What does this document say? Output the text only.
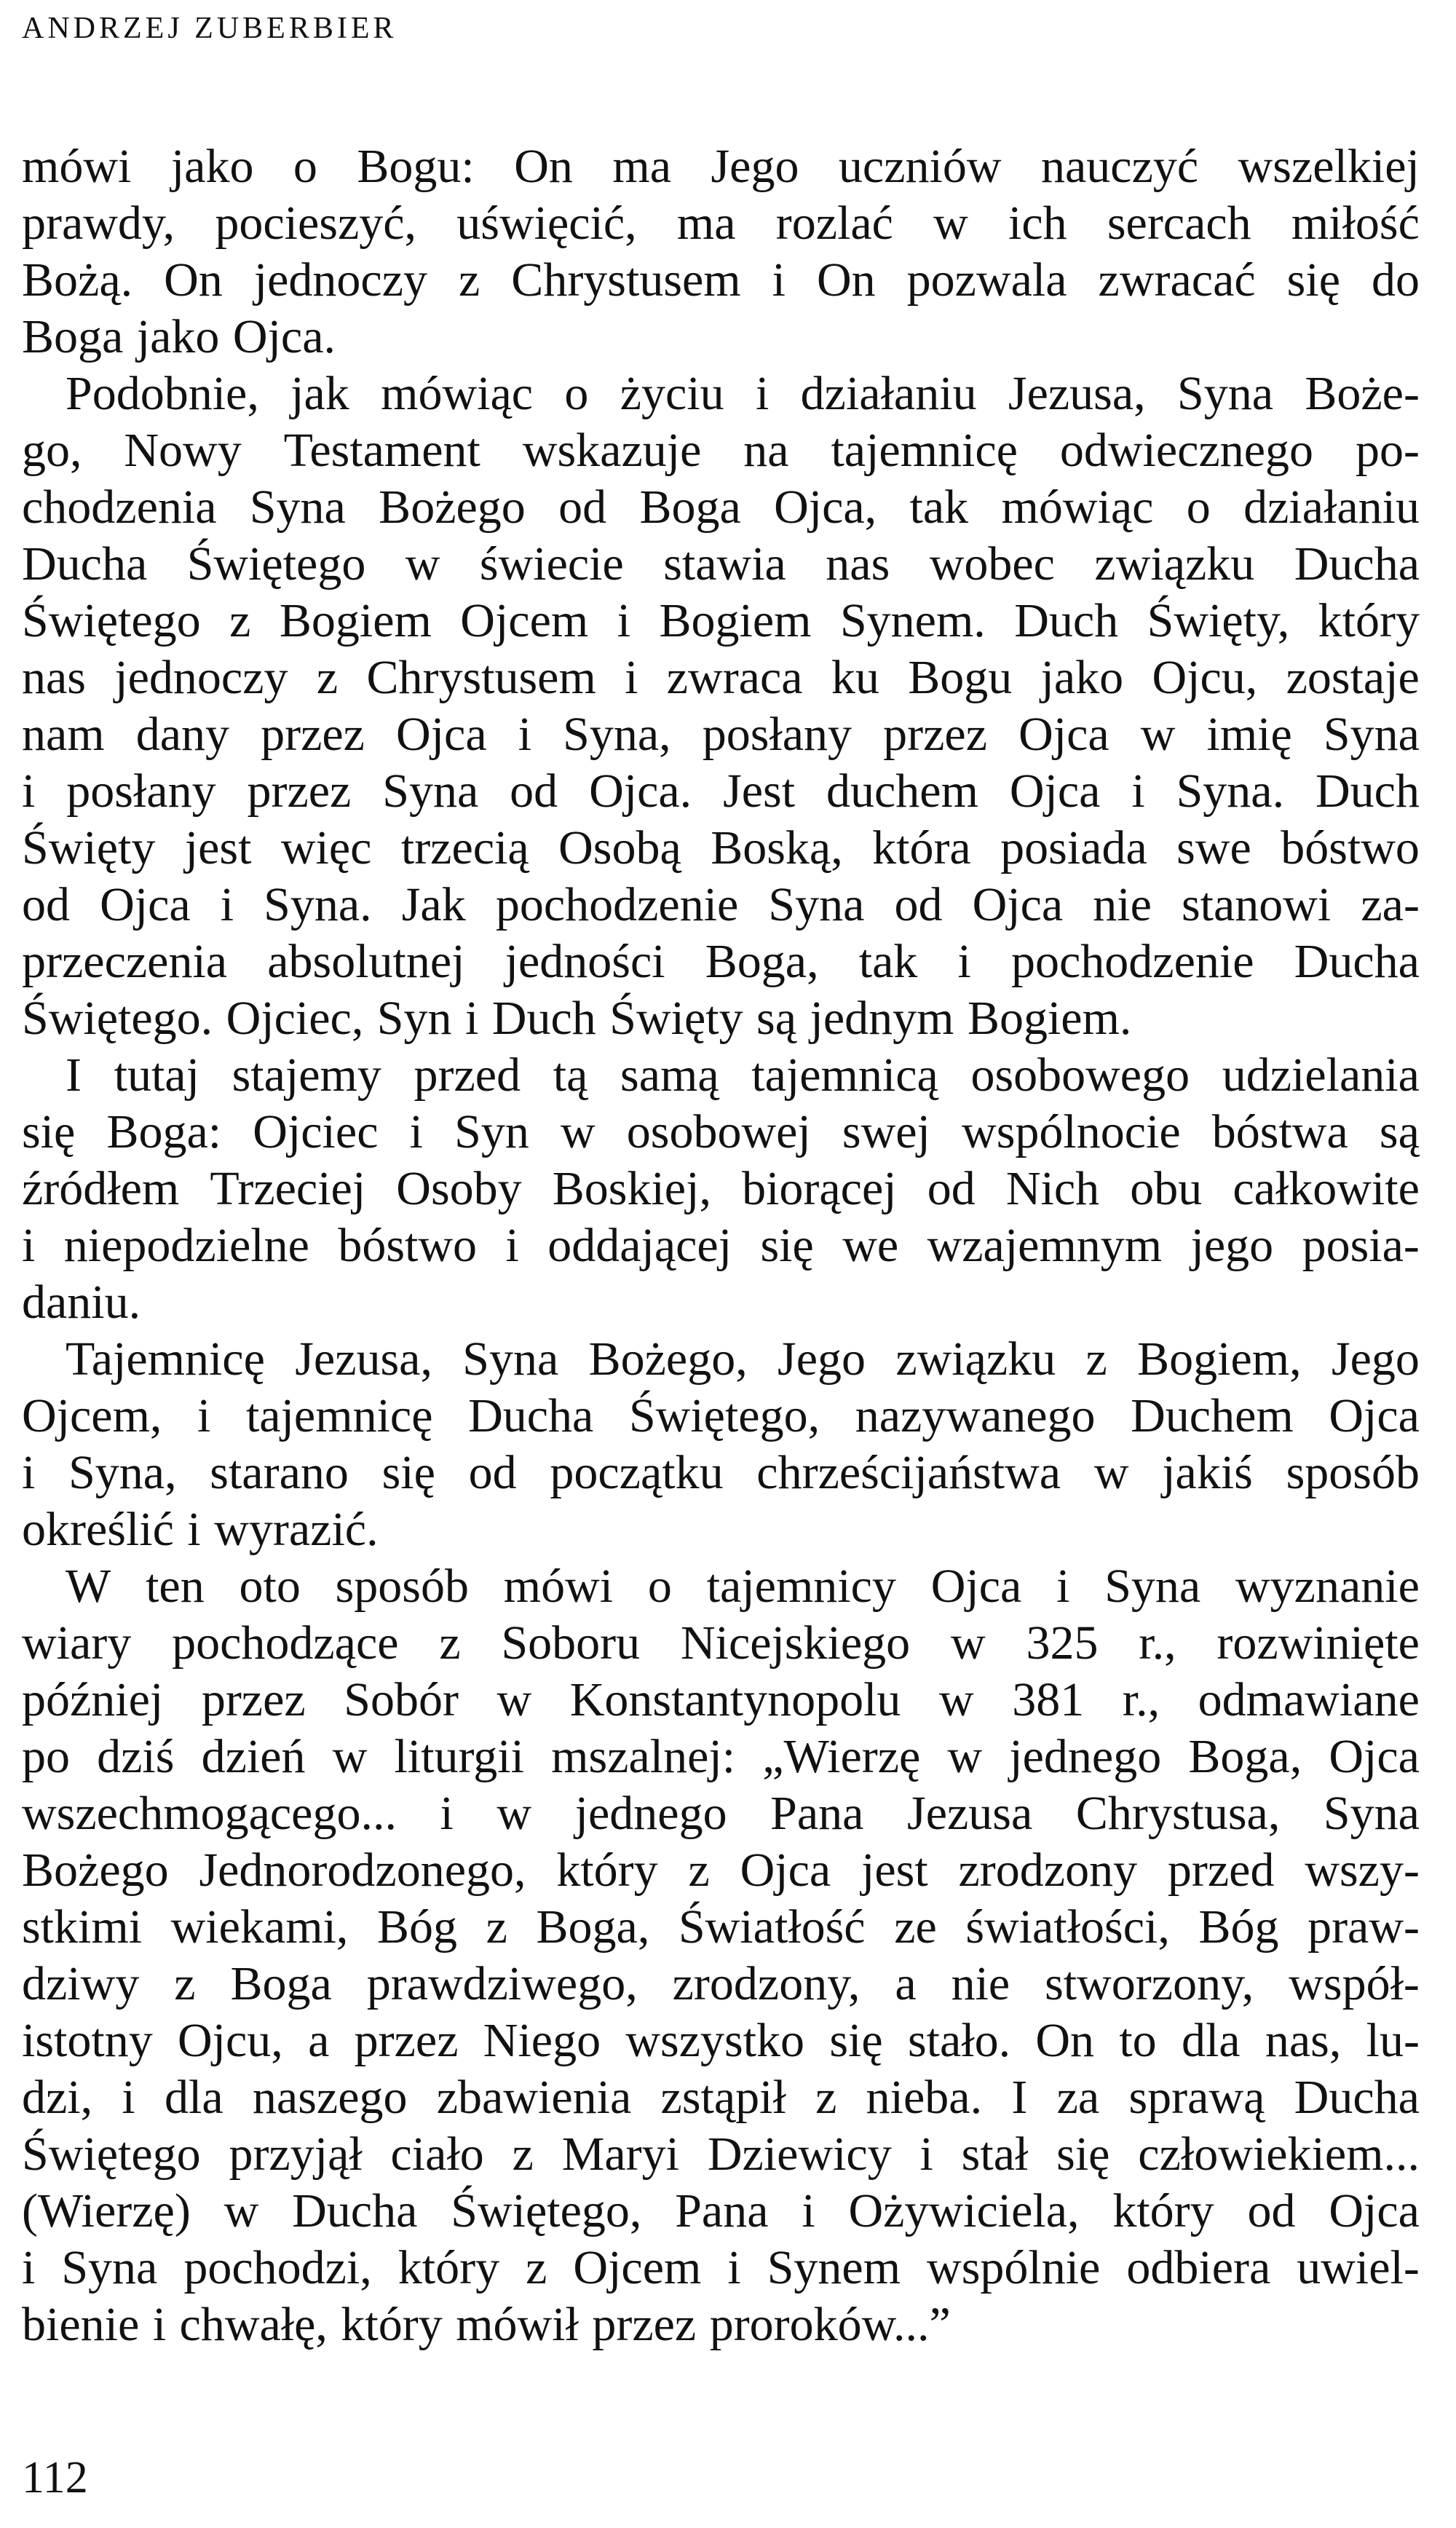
ANDRZEJ ZUBERBIER
mówi jako o Bogu: On ma Jego uczniów nauczyć wszelkiej
prawdy, pocieszyć, uświęcić, ma rozlać w ich sercach miłość
Bożą. On jednoczy z Chrystusem i On pozwala zwracać się do
Boga jako Ojca.
Podobnie, jak mówiąc o życiu i działaniu Jezusa, Syna Boże-
go, Nowy Testament wskazuje na tajemnicę odwiecznego po-
chodzenia Syna Bożego od Boga Ojca, tak mówiąc o działaniu
Ducha Świętego w świecie stawia nas wobec związku Ducha
Świętego z Bogiem Ojcem i Bogiem Synem. Duch Święty, który
nas jednoczy z Chrystusem i zwraca ku Bogu jako Ojcu, zostaje
nam dany przez Ojca i Syna, posłany przez Ojca w imię Syna
i posłany przez Syna od Ojca. Jest duchem Ojca i Syna. Duch
Święty jest więc trzecią Osobą Boską, która posiada swe bóstwo
od Ojca i Syna. Jak pochodzenie Syna od Ojca nie stanowi za-
przeczenia absolutnej jedności Boga, tak i pochodzenie Ducha
Świętego. Ojciec, Syn i Duch Święty są jednym Bogiem.
I tutaj stajemy przed tą samą tajemnicą osobowego udzielania
się Boga: Ojciec i Syn w osobowej swej wspólnocie bóstwa są
źródłem Trzeciej Osoby Boskiej, biorącej od Nich obu całkowite
i niepodzielne bóstwo i oddającej się we wzajemnym jego posia-
daniu.
Tajemnicę Jezusa, Syna Bożego, Jego związku z Bogiem, Jego
Ojcem, i tajemnicę Ducha Świętego, nazywanego Duchem Ojca
i Syna, starano się od początku chrześcijaństwa w jakiś sposób
określić i wyrazić.
W ten oto sposób mówi o tajemnicy Ojca i Syna wyznanie
wiary pochodzące z Soboru Nicejskiego w 325 r., rozwinięte
później przez Sobór w Konstantynopolu w 381 r., odmawiane
po dziś dzień w liturgii mszalnej: „Wierzę w jednego Boga, Ojca
wszechmogącego... i w jednego Pana Jezusa Chrystusa, Syna
Bożego Jednorodzonego, który z Ojca jest zrodzony przed wszy-
stkimi wiekami, Bóg z Boga, Światłość ze światłości, Bóg praw-
dziwy z Boga prawdziwego, zrodzony, a nie stworzony, współ-
istotny Ojcu, a przez Niego wszystko się stało. On to dla nas, lu-
dzi, i dla naszego zbawienia zstąpił z nieba. I za sprawą Ducha
Świętego przyjął ciało z Maryi Dziewicy i stał się człowiekiem...
(Wierzę) w Ducha Świętego, Pana i Ożywiciela, który od Ojca
i Syna pochodzi, który z Ojcem i Synem wspólnie odbiera uwiel-
bienie i chwałę, który mówił przez proroków...”
112
